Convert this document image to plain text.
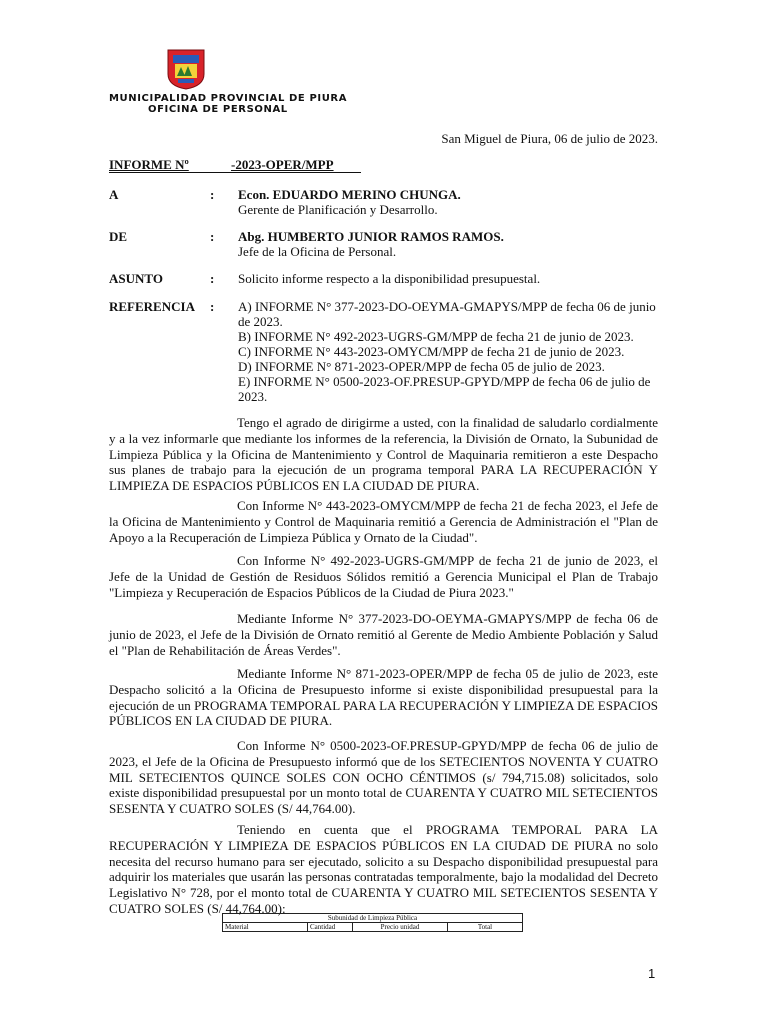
MUNICIPALIDAD PROVINCIAL DE PIURA
OFICINA DE PERSONAL
San Miguel de Piura, 06 de julio de 2023.
INFORME Nº	-2023-OPER/MPP
A	: Econ. EDUARDO MERINO CHUNGA.
Gerente de Planificación y Desarrollo.
DE	: Abg. HUMBERTO JUNIOR RAMOS RAMOS.
Jefe de la Oficina de Personal.
ASUNTO	: Solicito informe respecto a la disponibilidad presupuestal.
REFERENCIA : A) INFORME N° 377-2023-DO-OEYMA-GMAPYS/MPP de fecha 06 de junio de 2023.
B) INFORME N° 492-2023-UGRS-GM/MPP de fecha 21 de junio de 2023.
C) INFORME N° 443-2023-OMYCM/MPP de fecha 21 de junio de 2023.
D) INFORME N° 871-2023-OPER/MPP de fecha 05 de julio de 2023.
E) INFORME N° 0500-2023-OF.PRESUP-GPYD/MPP de fecha 06 de julio de 2023.
Tengo el agrado de dirigirme a usted, con la finalidad de saludarlo cordialmente y a la vez informarle que mediante los informes de la referencia, la División de Ornato, la Subunidad de Limpieza Pública y la Oficina de Mantenimiento y Control de Maquinaria remitieron a este Despacho sus planes de trabajo para la ejecución de un programa temporal PARA LA RECUPERACIÓN Y LIMPIEZA DE ESPACIOS PÚBLICOS EN LA CIUDAD DE PIURA.
Con Informe N° 443-2023-OMYCM/MPP de fecha 21 de fecha 2023, el Jefe de la Oficina de Mantenimiento y Control de Maquinaria remitió a Gerencia de Administración el "Plan de Apoyo a la Recuperación de Limpieza Pública y Ornato de la Ciudad".
Con Informe N° 492-2023-UGRS-GM/MPP de fecha 21 de junio de 2023, el Jefe de la Unidad de Gestión de Residuos Sólidos remitió a Gerencia Municipal el Plan de Trabajo "Limpieza y Recuperación de Espacios Públicos de la Ciudad de Piura 2023."
Mediante Informe N° 377-2023-DO-OEYMA-GMAPYS/MPP de fecha 06 de junio de 2023, el Jefe de la División de Ornato remitió al Gerente de Medio Ambiente Población y Salud el "Plan de Rehabilitación de Áreas Verdes".
Mediante Informe N° 871-2023-OPER/MPP de fecha 05 de julio de 2023, este Despacho solicitó a la Oficina de Presupuesto informe si existe disponibilidad presupuestal para la ejecución de un PROGRAMA TEMPORAL PARA LA RECUPERACIÓN Y LIMPIEZA DE ESPACIOS PÚBLICOS EN LA CIUDAD DE PIURA.
Con Informe N° 0500-2023-OF.PRESUP-GPYD/MPP de fecha 06 de julio de 2023, el Jefe de la Oficina de Presupuesto informó que de los SETECIENTOS NOVENTA Y CUATRO MIL SETECIENTOS QUINCE SOLES CON OCHO CÉNTIMOS (s/ 794,715.08) solicitados, solo existe disponibilidad presupuestal por un monto total de CUARENTA Y CUATRO MIL SETECIENTOS SESENTA Y CUATRO SOLES (S/ 44,764.00).
Teniendo en cuenta que el PROGRAMA TEMPORAL PARA LA RECUPERACIÓN Y LIMPIEZA DE ESPACIOS PÚBLICOS EN LA CIUDAD DE PIURA no solo necesita del recurso humano para ser ejecutado, solicito a su Despacho disponibilidad presupuestal para adquirir los materiales que usarán las personas contratadas temporalmente, bajo la modalidad del Decreto Legislativo N° 728, por el monto total de CUARENTA Y CUATRO MIL SETECIENTOS SESENTA Y CUATRO SOLES (S/ 44,764.00):
Subunidad de Limpieza Pública
Material	Cantidad	Precio unidad	Total
1
